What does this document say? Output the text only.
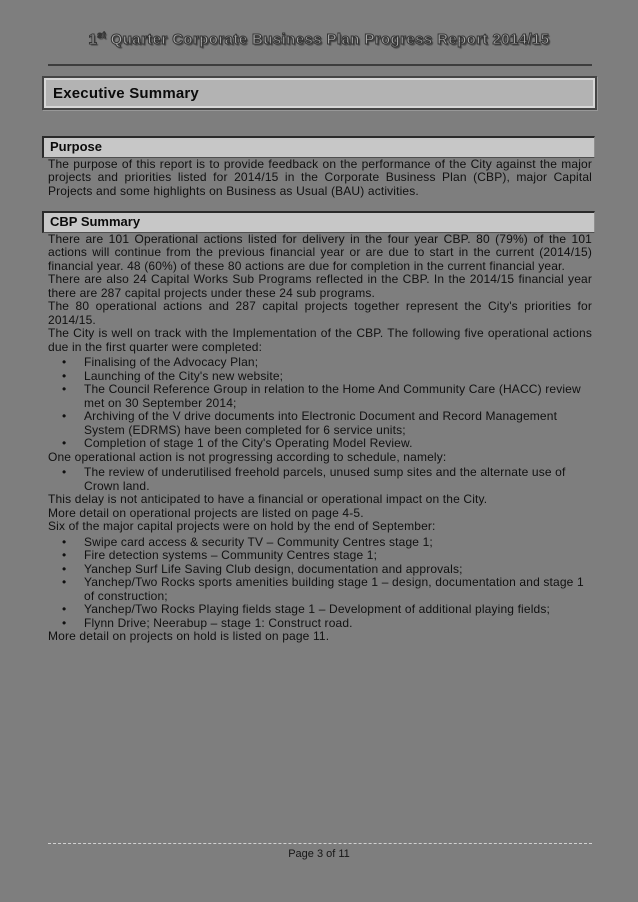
1st Quarter Corporate Business Plan Progress Report 2014/15
Executive Summary
Purpose

The purpose of this report is to provide feedback on the performance of the City against the major projects and priorities listed for 2014/15 in the Corporate Business Plan (CBP), major Capital Projects and some highlights on Business as Usual (BAU) activities.

CBP Summary

There are 101 Operational actions listed for delivery in the four year CBP. 80 (79%) of the 101 actions will continue from the previous financial year or are due to start in the current (2014/15) financial year. 48 (60%) of these 80 actions are due for completion in the current financial year.

There are also 24 Capital Works Sub Programs reflected in the CBP. In the 2014/15 financial year there are 287 capital projects under these 24 sub programs.

The 80 operational actions and 287 capital projects together represent the City's priorities for 2014/15.

The City is well on track with the Implementation of the CBP. The following five operational actions due in the first quarter were completed:

•	Finalising of the Advocacy Plan;
•	Launching of the City's new website;
•	The Council Reference Group in relation to the Home And Community Care (HACC) review met on 30 September 2014;
•	Archiving of the V drive documents into Electronic Document and Record Management System (EDRMS) have been completed for 6 service units;
•	Completion of stage 1 of the City's Operating Model Review.

One operational action is not progressing according to schedule, namely:

•	The review of underutilised freehold parcels, unused sump sites and the alternate use of Crown land.

This delay is not anticipated to have a financial or operational impact on the City.

More detail on operational projects are listed on page 4-5.

Six of the major capital projects were on hold by the end of September:

•	Swipe card access & security TV – Community Centres stage 1;
•	Fire detection systems – Community Centres stage 1;
•	Yanchep Surf Life Saving Club design, documentation and approvals;
•	Yanchep/Two Rocks sports amenities building stage 1 – design, documentation and stage 1 of construction;
•	Yanchep/Two Rocks Playing fields stage 1 – Development of additional playing fields;
•	Flynn Drive; Neerabup – stage 1: Construct road.

More detail on projects on hold is listed on page 11.

Page 3 of 11
